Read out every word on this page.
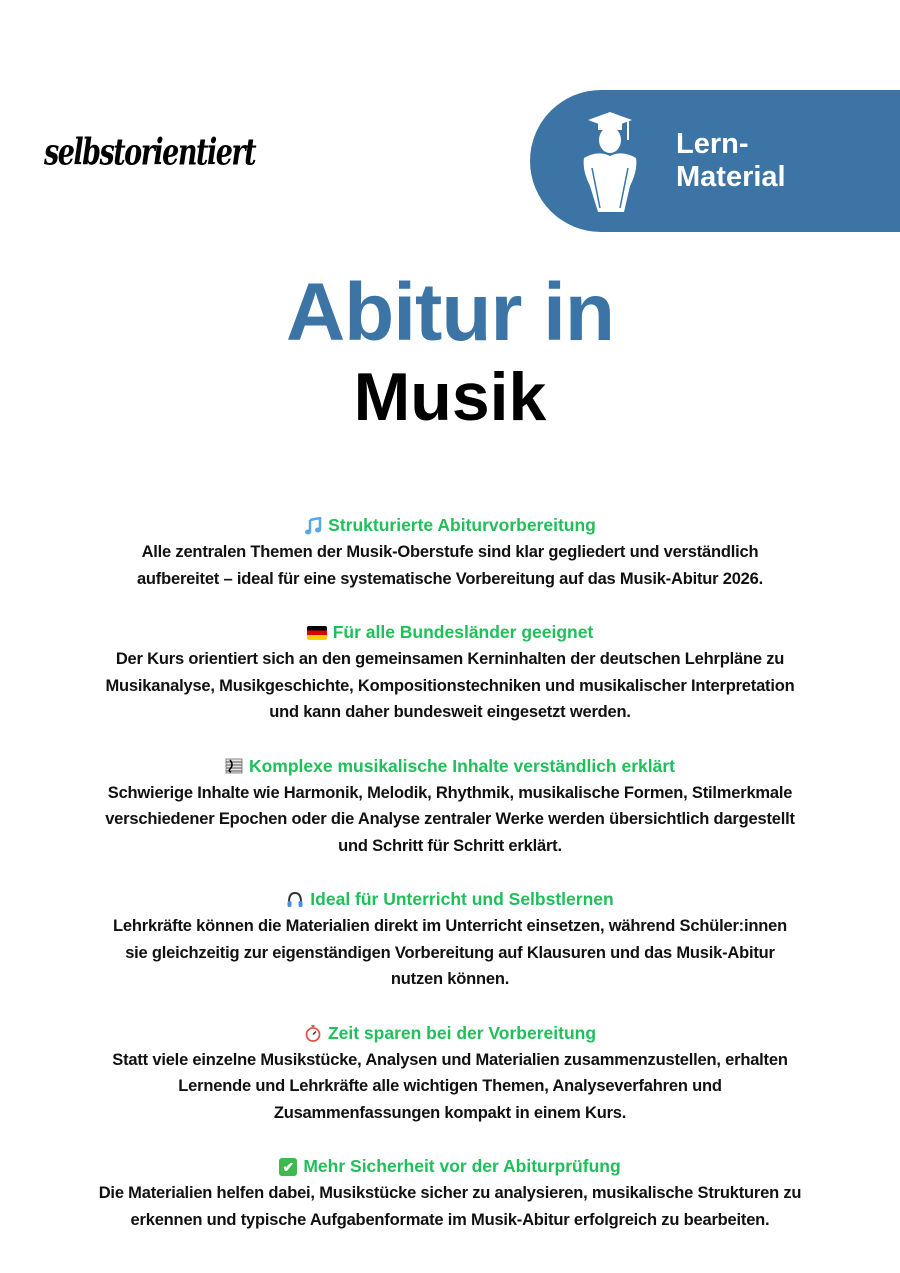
selbstorientiert	Lern-
Material
Abitur in
Musik
Strukturierte Abiturvorbereitung
Alle zentralen Themen der Musik-Oberstufe sind klar gegliedert und verständlich
aufbereitet – ideal für eine systematische Vorbereitung auf das Musik-Abitur 2026.
Für alle Bundesländer geeignet
Der Kurs orientiert sich an den gemeinsamen Kerninhalten der deutschen Lehrpläne zu
Musikanalyse, Musikgeschichte, Kompositionstechniken und musikalischer Interpretation
und kann daher bundesweit eingesetzt werden.
Komplexe musikalische Inhalte verständlich erklärt
Schwierige Inhalte wie Harmonik, Melodik, Rhythmik, musikalische Formen, Stilmerkmale
verschiedener Epochen oder die Analyse zentraler Werke werden übersichtlich dargestellt
und Schritt für Schritt erklärt.
Ideal für Unterricht und Selbstlernen
Lehrkräfte können die Materialien direkt im Unterricht einsetzen, während Schüler:innen
sie gleichzeitig zur eigenständigen Vorbereitung auf Klausuren und das Musik-Abitur
nutzen können.
Zeit sparen bei der Vorbereitung
Statt viele einzelne Musikstücke, Analysen und Materialien zusammenzustellen, erhalten
Lernende und Lehrkräfte alle wichtigen Themen, Analyseverfahren und
Zusammenfassungen kompakt in einem Kurs.
✔ Mehr Sicherheit vor der Abiturprüfung
Die Materialien helfen dabei, Musikstücke sicher zu analysieren, musikalische Strukturen zu
erkennen und typische Aufgabenformate im Musik-Abitur erfolgreich zu bearbeiten.
